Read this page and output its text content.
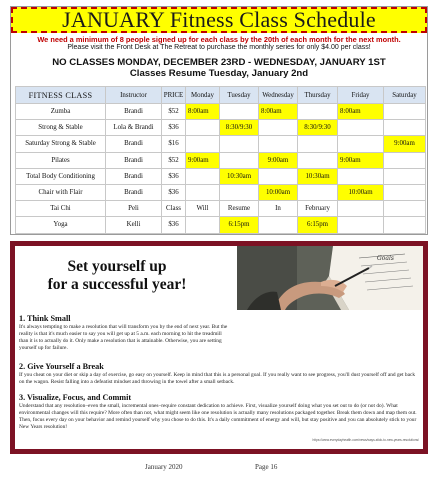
JANUARY Fitness Class Schedule
We need a minimum of 8 people signed up for each class by the 20th of each month for the next month.
Please visit the Front Desk at The Retreat to purchase the monthly series for only $4.00 per class!
NO CLASSES MONDAY, DECEMBER 23RD - WEDNESDAY, JANUARY 1ST
Classes Resume Tuesday, January 2nd
FITNESS CLASS	Instructor	PRICE	Monday	Tuesday	Wednesday	Thursday	Friday	Saturday
Zumba	Brandi	$52	8:00am		8:00am		8:00am	
Strong & Stable	Lola & Brandi	$36		8:30/9:30		8:30/9:30		
Saturday Strong & Stable	Brandi	$16						9:00am
Pilates	Brandi	$52	9:00am		9:00am		9:00am	
Total Body Conditioning	Brandi	$36		10:30am		10:30am		
Chair with Flair	Brandi	$36			10:00am		10:00am	
Tai Chi	Peli	Class	Will	Resume	In	February		
Yoga	Kelli	$36		6:15pm		6:15pm		
Set yourself up
for a successful year!
Goals
1. Think Small
It's always tempting to make a resolution that will transform you by the end of next year. But the reality is that it's much easier to say you will get up at 5 a.m. each morning to hit the treadmill than it is to actually do it. Only make a resolution that is attainable. Otherwise, you are setting yourself up for failure.
2. Give Yourself a Break
If you cheat on your diet or skip a day of exercise, go easy on yourself. Keep in mind that this is a personal goal. If you really want to see progress, you'll dust yourself off and get back on the wagon. Resist falling into a defeatist mindset and throwing in the towel after a small setback.
3. Visualize, Focus, and Commit
Understand that any resolution–even the small, incremental ones–require constant dedication to achieve. First, visualize yourself doing what you set out to do (or not do). What environmental changes will this require? More often than not, what might seem like one resolution is actually many resolutions packaged together. Break them down and map them out. Then, focus every day on your behavior and remind yourself why you chose to do this. It's a daily commitment of energy and will, but stay positive and you can absolutely stick to your New Years resolution!
https://www.everydayhealth.com/news/ways-stick-to-new-years-resolutions/
January 2020	Page 16
